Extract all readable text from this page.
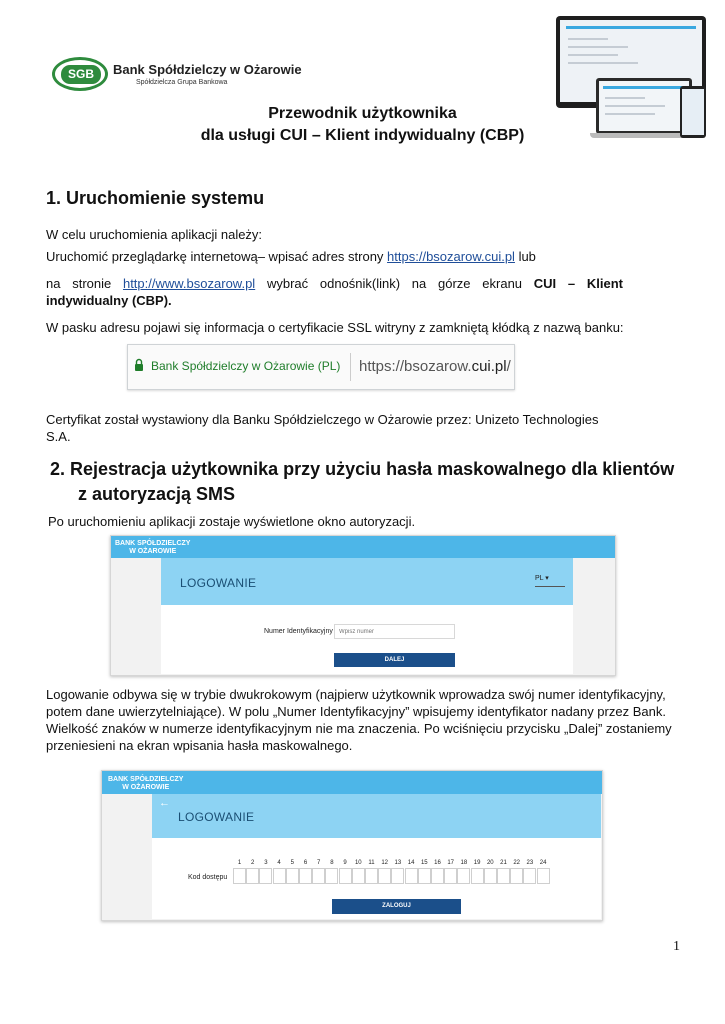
SGB	Bank Spółdzielczy w Ożarowie
Spółdzielcza Grupa Bankowa
Przewodnik użytkownika
dla usługi CUI – Klient indywidualny (CBP)
1. Uruchomienie systemu

W celu uruchomienia aplikacji należy:

Uruchomić przeglądarkę internetową– wpisać adres strony https://bsozarow.cui.pl lub

na stronie http://www.bsozarow.pl wybrać odnośnik(link) na górze ekranu CUI – Klient indywidualny (CBP).

W pasku adresu pojawi się informacja o certyfikacie SSL witryny z zamkniętą kłódką z nazwą banku:

Bank Spółdzielczy w Ożarowie (PL) https://bsozarow.cui.pl/

Certyfikat został wystawiony dla Banku Spółdzielczego w Ożarowie przez: Unizeto Technologies S.A.

2. Rejestracja użytkownika przy użyciu hasła maskowalnego dla klientów
z autoryzacją SMS

Po uruchomieniu aplikacji zostaje wyświetlone okno autoryzacji.

BANK SPÓŁDZIELCZY
W OŻAROWIE
LOGOWANIE	PL ▾
Numer Identyfikacyjny
Wpisz numer
DALEJ

Logowanie odbywa się w trybie dwukrokowym (najpierw użytkownik wprowadza swój numer identyfikacyjny, potem dane uwierzytelniające). W polu „Numer Identyfikacyjny” wpisujemy identyfikator nadany przez Bank. Wielkość znaków w numerze identyfikacyjnym nie ma znaczenia. Po wciśnięciu przycisku „Dalej” zostaniemy przeniesieni na ekran wpisania hasła maskowalnego.

BANK SPÓŁDZIELCZY
W OŻAROWIE
←
LOGOWANIE
Kod dostępu
1	2	3	4	5	6	7	8	9	10	11	12	13	14	15	16	17	18	19	20	21	22	23	24
ZALOGUJ
1
